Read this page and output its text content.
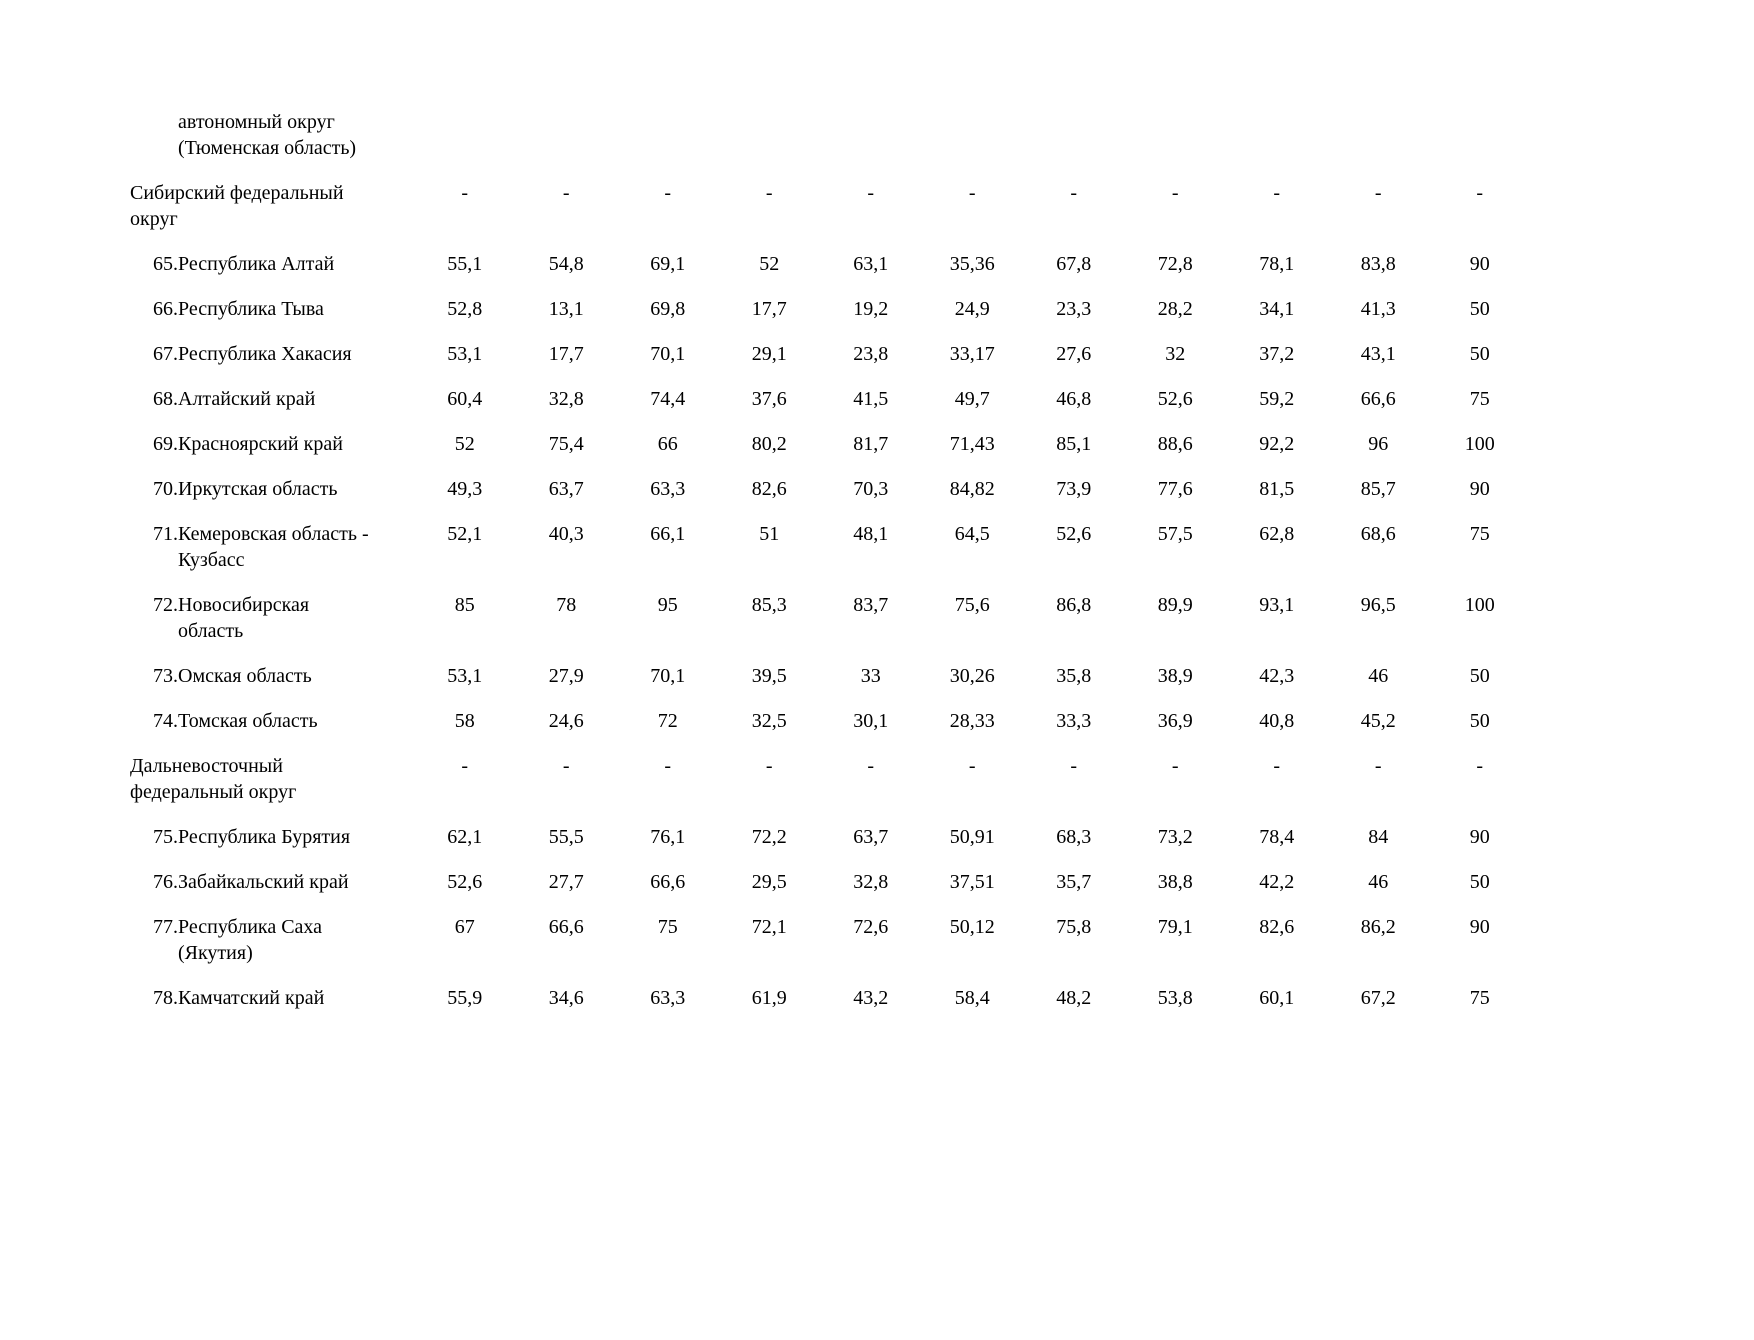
	автономный округ
(Тюменская область)											
Сибирский федеральный
округ		-	-	-	-	-	-	-	-	-	-	-
65.	Республика Алтай	55,1	54,8	69,1	52	63,1	35,36	67,8	72,8	78,1	83,8	90
66.	Республика Тыва	52,8	13,1	69,8	17,7	19,2	24,9	23,3	28,2	34,1	41,3	50
67.	Республика Хакасия	53,1	17,7	70,1	29,1	23,8	33,17	27,6	32	37,2	43,1	50
68.	Алтайский край	60,4	32,8	74,4	37,6	41,5	49,7	46,8	52,6	59,2	66,6	75
69.	Красноярский край	52	75,4	66	80,2	81,7	71,43	85,1	88,6	92,2	96	100
70.	Иркутская область	49,3	63,7	63,3	82,6	70,3	84,82	73,9	77,6	81,5	85,7	90
71.	Кемеровская область -
Кузбасс	52,1	40,3	66,1	51	48,1	64,5	52,6	57,5	62,8	68,6	75
72.	Новосибирская
область	85	78	95	85,3	83,7	75,6	86,8	89,9	93,1	96,5	100
73.	Омская область	53,1	27,9	70,1	39,5	33	30,26	35,8	38,9	42,3	46	50
74.	Томская область	58	24,6	72	32,5	30,1	28,33	33,3	36,9	40,8	45,2	50
Дальневосточный
федеральный округ		-	-	-	-	-	-	-	-	-	-	-
75.	Республика Бурятия	62,1	55,5	76,1	72,2	63,7	50,91	68,3	73,2	78,4	84	90
76.	Забайкальский край	52,6	27,7	66,6	29,5	32,8	37,51	35,7	38,8	42,2	46	50
77.	Республика Саха
(Якутия)	67	66,6	75	72,1	72,6	50,12	75,8	79,1	82,6	86,2	90
78.	Камчатский край	55,9	34,6	63,3	61,9	43,2	58,4	48,2	53,8	60,1	67,2	75
